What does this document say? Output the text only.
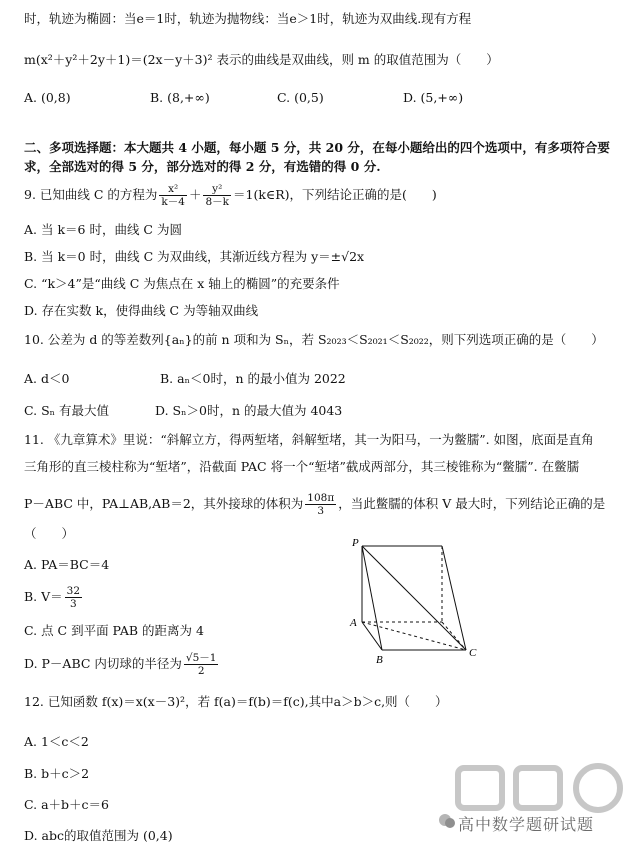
时，轨迹为椭圆：当e＝1时，轨迹为抛物线：当e＞1时，轨迹为双曲线.现有方程
m(x²＋y²＋2y＋1)＝(2x－y＋3)² 表示的曲线是双曲线，则 m 的取值范围为（　　）
A. (0,8)	B. (8,+∞)	C. (0,5)	D. (5,+∞)
二、多项选择题：本大题共 4 小题，每小题 5 分，共 20 分，在每小题给出的四个选项中，有多项符合要
求，全部选对的得 5 分，部分选对的得 2 分，有选错的得 0 分.
9. 已知曲线 C 的方程为 $\frac{\text{x²}}{k-4} + \frac{\text{y²}}{8-k}$ ＝1(k∈R)，下列结论正确的是(　　)
A. 当 k＝6 时，曲线 C 为圆
B. 当 k＝0 时，曲线 C 为双曲线，其渐近线方程为 y＝±√2x
C. “k＞4”是“曲线 C 为焦点在 x 轴上的椭圆”的充要条件
D. 存在实数 k，使得曲线 C 为等轴双曲线
10. 公差为 d 的等差数列{aₙ}的前 n 项和为 Sₙ，若 S₂₀₂₃＜S₂₀₂₁＜S₂₀₂₂，则下列选项正确的是（　　）
A. d＜0	B. aₙ＜0时，n 的最小值为 2022
C. Sₙ 有最大值	D. Sₙ＞0时，n 的最大值为 4043
11. 《九章算术》里说：“斜解立方，得两堑堵，斜解堑堵，其一为阳马，一为鳖臑”. 如图，底面是直角
三角形的直三棱柱称为“堑堵”，沿截面 PAC 将一个“堑堵”截成两部分，其三棱锥称为“鳖臑”. 在鳖臑
P－ABC 中，PA⊥AB,AB＝2，其外接球的体积为 $\frac{108\pi}{3}$ ，当此鳖臑的体积 V 最大时，下列结论正确的是
（　　）
A. PA＝BC＝4
B. $V= \frac{32}{3}$
C. 点 C 到平面 PAB 的距离为 4
D. P－ABC 内切球的半径为 $\frac{√5-1}{2}$
P
A
B
C
12. 已知函数 f(x)＝x(x－3)²，若 f(a)＝f(b)＝f(c),其中a＞b＞c,则（　　）
A. 1＜c＜2
B. b＋c＞2
C. a＋b＋c＝6
D. abc的取值范围为 (0,4)
高中数学题研试题
